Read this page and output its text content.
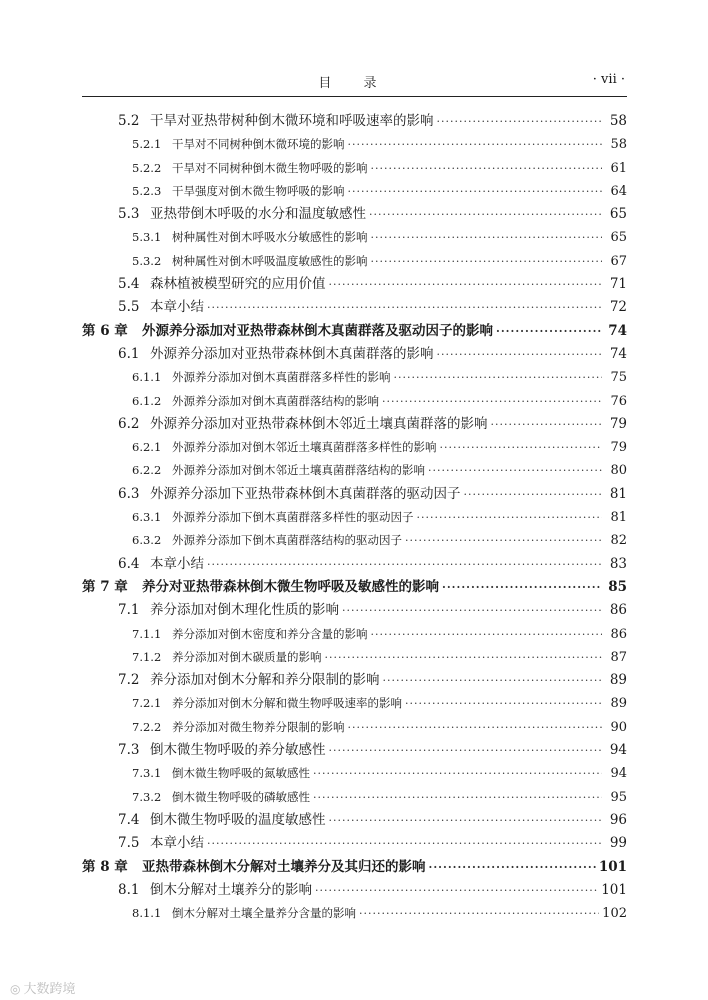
目 录	· vii ·
5.2 干旱对亚热带树种倒木微环境和呼吸速率的影响 ·····	58
5.2.1 干旱对不同树种倒木微环境的影响 ·····	58
5.2.2 干旱对不同树种倒木微生物呼吸的影响 ·····	61
5.2.3 干旱强度对倒木微生物呼吸的影响 ·····	64
5.3 亚热带倒木呼吸的水分和温度敏感性 ·····	65
5.3.1 树种属性对倒木呼吸水分敏感性的影响 ·····	65
5.3.2 树种属性对倒木呼吸温度敏感性的影响 ·····	67
5.4 森林植被模型研究的应用价值 ·····	71
5.5 本章小结 ·····	72
第 6 章	外源养分添加对亚热带森林倒木真菌群落及驱动因子的影响 ·····	74
6.1 外源养分添加对亚热带森林倒木真菌群落的影响 ·····	74
6.1.1 外源养分添加对倒木真菌群落多样性的影响 ·····	75
6.1.2 外源养分添加对倒木真菌群落结构的影响 ·····	76
6.2 外源养分添加对亚热带森林倒木邻近土壤真菌群落的影响 ·····	79
6.2.1 外源养分添加对倒木邻近土壤真菌群落多样性的影响 ·····	79
6.2.2 外源养分添加对倒木邻近土壤真菌群落结构的影响 ·····	80
6.3 外源养分添加下亚热带森林倒木真菌群落的驱动因子 ·····	81
6.3.1 外源养分添加下倒木真菌群落多样性的驱动因子 ·····	81
6.3.2 外源养分添加下倒木真菌群落结构的驱动因子 ·····	82
6.4 本章小结 ·····	83
第 7 章	养分对亚热带森林倒木微生物呼吸及敏感性的影响 ·····	85
7.1 养分添加对倒木理化性质的影响 ·····	86
7.1.1 养分添加对倒木密度和养分含量的影响 ·····	86
7.1.2 养分添加对倒木碳质量的影响 ·····	87
7.2 养分添加对倒木分解和养分限制的影响 ·····	89
7.2.1 养分添加对倒木分解和微生物呼吸速率的影响 ·····	89
7.2.2 养分添加对微生物养分限制的影响 ·····	90
7.3 倒木微生物呼吸的养分敏感性 ·····	94
7.3.1 倒木微生物呼吸的氮敏感性 ·····	94
7.3.2 倒木微生物呼吸的磷敏感性 ·····	95
7.4 倒木微生物呼吸的温度敏感性 ·····	96
7.5 本章小结 ·····	99
第 8 章	亚热带森林倒木分解对土壤养分及其归还的影响 ·····	101
8.1 倒木分解对土壤养分的影响 ·····	101
8.1.1 倒木分解对土壤全量养分含量的影响 ·····	102
◎ 大数跨境
